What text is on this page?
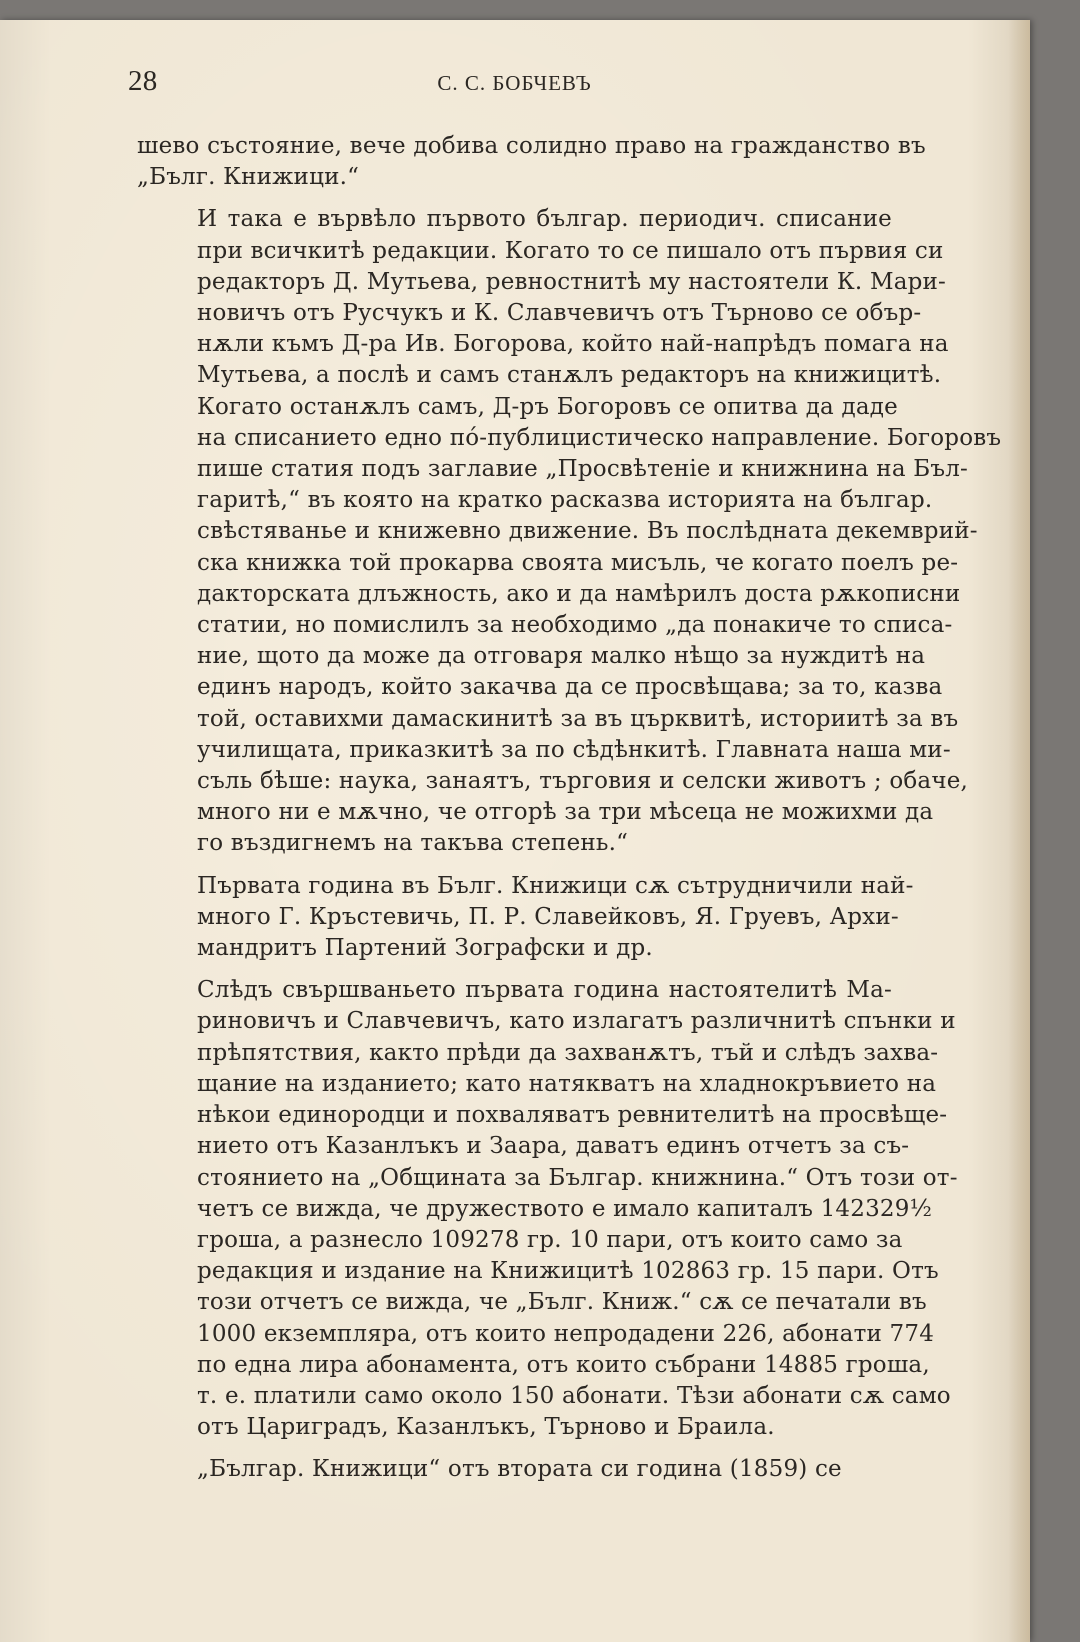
28	С. С. БОБЧЕВЪ
шево състояние, вече добива солидно право на гражданство въ
„Бълг. Книжици.“
И така е вървѣло първото българ. периодич. списание
при всичкитѣ редакции. Когато то се пишало отъ първия си
редакторъ Д. Мутьева, ревностнитѣ му настоятели К. Мари-
новичъ отъ Русчукъ и К. Славчевичъ отъ Търново се обър-
нѫли къмъ Д-ра Ив. Богорова, който най-напрѣдъ помага на
Мутьева, а послѣ и самъ станѫлъ редакторъ на книжицитѣ.
Когато останѫлъ самъ, Д-ръ Богоровъ се опитва да даде
на списанието едно пó-публицистическо направление. Богоровъ
пише статия подъ заглавие „Просвѣтеніе и книжнина на Бъл-
гаритѣ,“ въ която на кратко расказва историята на българ.
свѣстяванье и книжевно движение. Въ послѣдната декемврий-
ска книжка той прокарва своята мисъль, че когато поелъ ре-
дакторската длъжность, ако и да намѣрилъ доста рѫкописни
статии, но помислилъ за необходимо „да понакиче то списа-
ние, щото да може да отговаря малко нѣщо за нуждитѣ на
единъ народъ, който закачва да се просвѣщава; за то, казва
той, оставихми дамаскинитѣ за въ църквитѣ, историитѣ за въ
училищата, приказкитѣ за по сѣдѣнкитѣ. Главната наша ми-
съль бѣше: наука, занаятъ, търговия и селски животъ ; обаче,
много ни е мѫчно, че отгорѣ за три мѣсеца не можихми да
го въздигнемъ на такъва степень.“
Първата година въ Бълг. Книжици сѫ сътрудничили най-
много Г. Кръстевичь, П. Р. Славейковъ, Я. Груевъ, Архи-
мандритъ Партений Зографски и др.
Слѣдъ свършваньето първата година настоятелитѣ Ма-
риновичъ и Славчевичъ, като излагатъ различнитѣ спънки и
прѣпятствия, както прѣди да захванѫтъ, тъй и слѣдъ захва-
щание на изданието; като натякватъ на хладнокръвието на
нѣкои единородци и похваляватъ ревнителитѣ на просвѣще-
нието отъ Казанлъкъ и Заара, даватъ единъ отчетъ за съ-
стоянието на „Общината за Българ. книжнина.“ Отъ този от-
четъ се вижда, че дружеството е имало капиталъ 142329½
гроша, а разнесло 109278 гр. 10 пари, отъ които само за
редакция и издание на Книжицитѣ 102863 гр. 15 пари. Отъ
този отчетъ се вижда, че „Бълг. Книж.“ сѫ се печатали въ
1000 екземпляра, отъ които непродадени 226, абонати 774
по една лира абонамента, отъ които събрани 14885 гроша,
т. е. платили само около 150 абонати. Тѣзи абонати сѫ само
отъ Цариградъ, Казанлъкъ, Търново и Браила.
„Българ. Книжици“ отъ втората си година (1859) се
